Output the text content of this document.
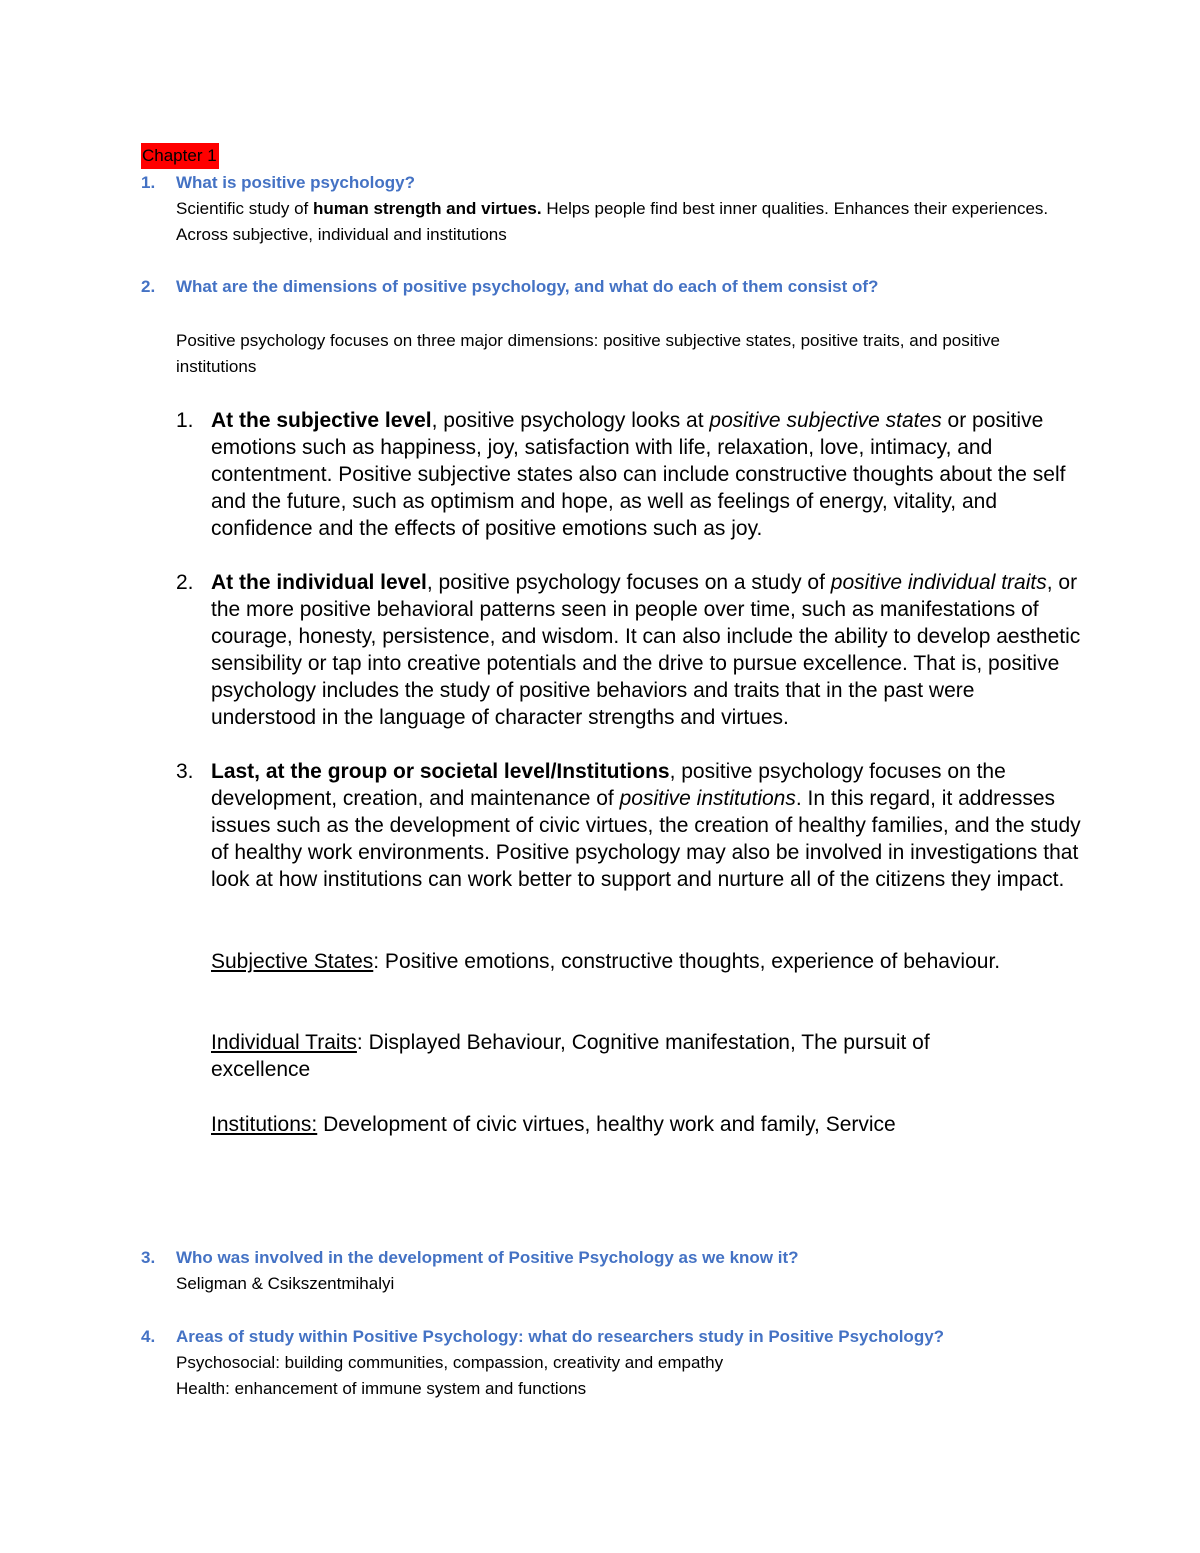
Chapter 1
1. What is positive psychology?

Scientific study of human strength and virtues. Helps people find best inner qualities. Enhances their experiences. Across subjective, individual and institutions

2. What are the dimensions of positive psychology, and what do each of them consist of?

Positive psychology focuses on three major dimensions: positive subjective states, positive traits, and positive institutions
1. At the subjective level, positive psychology looks at positive subjective states or positive emotions such as happiness, joy, satisfaction with life, relaxation, love, intimacy, and contentment. Positive subjective states also can include constructive thoughts about the self and the future, such as optimism and hope, as well as feelings of energy, vitality, and confidence and the effects of positive emotions such as joy.
2. At the individual level, positive psychology focuses on a study of positive individual traits, or the more positive behavioral patterns seen in people over time, such as manifestations of courage, honesty, persistence, and wisdom. It can also include the ability to develop aesthetic sensibility or tap into creative potentials and the drive to pursue excellence. That is, positive psychology includes the study of positive behaviors and traits that in the past were understood in the language of character strengths and virtues.
3. Last, at the group or societal level/Institutions, positive psychology focuses on the development, creation, and maintenance of positive institutions. In this regard, it addresses issues such as the development of civic virtues, the creation of healthy families, and the study of healthy work environments. Positive psychology may also be involved in investigations that look at how institutions can work better to support and nurture all of the citizens they impact.
Subjective States: Positive emotions, constructive thoughts, experience of behaviour.
Individual Traits: Displayed Behaviour, Cognitive manifestation, The pursuit of excellence
Institutions: Development of civic virtues, healthy work and family, Service
3. Who was involved in the development of Positive Psychology as we know it?

Seligman & Csikszentmihalyi

4. Areas of study within Positive Psychology: what do researchers study in Positive Psychology?

Psychosocial: building communities, compassion, creativity and empathy

Health: enhancement of immune system and functions
